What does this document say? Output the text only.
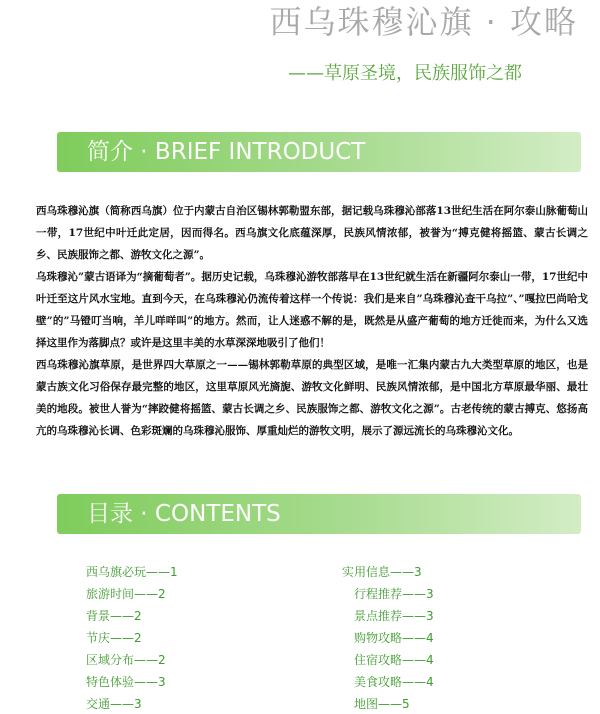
西乌珠穆沁旗 · 攻略
——草原圣境，民族服饰之都
简介 · BRIEF INTRODUCT

西乌珠穆沁旗（简称西乌旗）位于内蒙古自治区锡林郭勒盟东部，据记载乌珠穆沁部落13世纪生活在阿尔泰山脉葡萄山一带，17世纪中叶迁此定居，因而得名。西乌旗文化底蕴深厚，民族风情浓郁，被誉为“搏克健将摇篮、蒙古长调之乡、民族服饰之都、游牧文化之源”。

乌珠穆沁”蒙古语译为“摘葡萄者”。据历史记载，乌珠穆沁游牧部落早在13世纪就生活在新疆阿尔泰山一带，17世纪中叶迁至这片风水宝地。直到今天，在乌珠穆沁仍流传着这样一个传说：我们是来自”乌珠穆沁查干乌拉”、”嘎拉巴尚哈戈壁”的”马镫叮当响，羊儿咩咩叫”的地方。然而，让人迷惑不解的是，既然是从盛产葡萄的地方迁徙而来，为什么又选择这里作为落脚点？或许是这里丰美的水草深深地吸引了他们！

西乌珠穆沁旗草原，是世界四大草原之一——锡林郭勒草原的典型区域，是唯一汇集内蒙古九大类型草原的地区，也是蒙古族文化习俗保存最完整的地区，这里草原风光旖旎、游牧文化鲜明、民族风情浓郁，是中国北方草原最华丽、最壮美的地段。被世人誉为“摔跤健将摇篮、蒙古长调之乡、民族服饰之都、游牧文化之源”。古老传统的蒙古搏克、悠扬高亢的乌珠穆沁长调、色彩斑斓的乌珠穆沁服饰、厚重灿烂的游牧文明，展示了源远流长的乌珠穆沁文化。

目录 · CONTENTS
西乌旗必玩——1
旅游时间——2
背景——2
节庆——2
区域分布——2
特色体验——3
交通——3
实用信息——3
行程推荐——3
景点推荐——3
购物攻略——4
住宿攻略——4
美食攻略——4
地图——5
